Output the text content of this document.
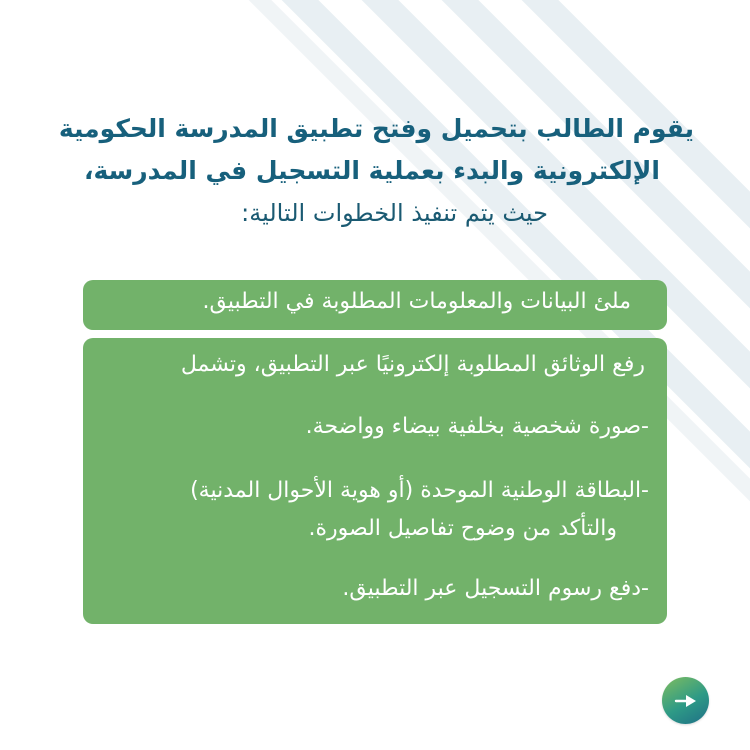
يقوم الطالب بتحميل وفتح تطبيق المدرسة الحكومية
الإلكترونية والبدء بعملية التسجيل في المدرسة،
حيث يتم تنفيذ الخطوات التالية:
ملئ البيانات والمعلومات المطلوبة في التطبيق.
رفع الوثائق المطلوبة إلكترونيًا عبر التطبيق، وتشمل
-صورة شخصية بخلفية بيضاء وواضحة.
-البطاقة الوطنية الموحدة (أو هوية الأحوال المدنية)
والتأكد من وضوح تفاصيل الصورة.
-دفع رسوم التسجيل عبر التطبيق.
